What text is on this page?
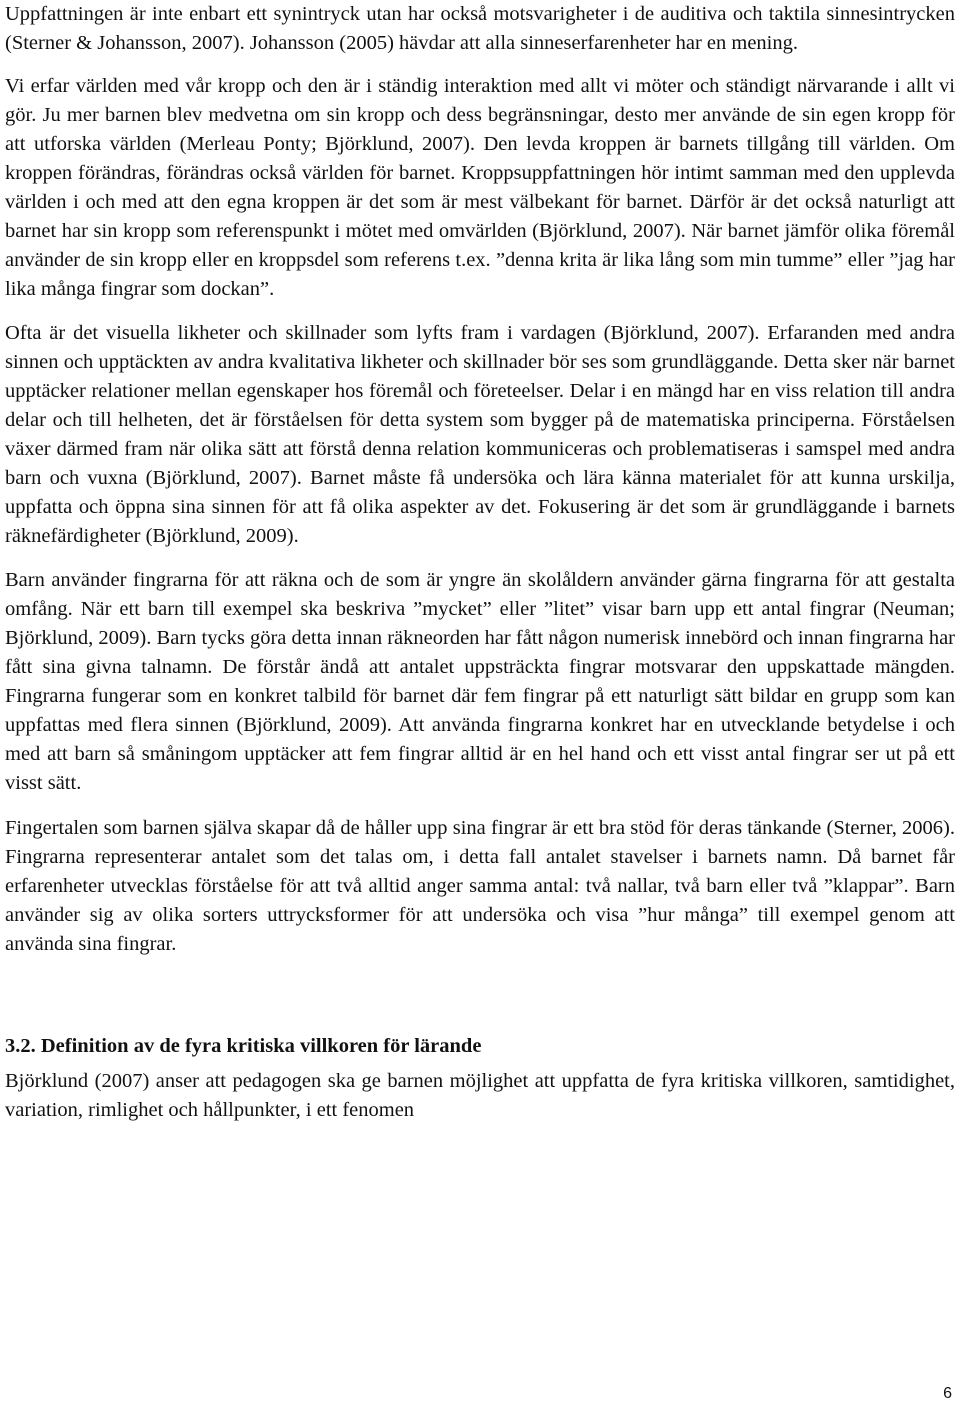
Uppfattningen är inte enbart ett synintryck utan har också motsvarigheter i de auditiva och taktila sinnesintrycken (Sterner & Johansson, 2007). Johansson (2005) hävdar att alla sinneserfarenheter har en mening.

Vi erfar världen med vår kropp och den är i ständig interaktion med allt vi möter och ständigt närvarande i allt vi gör. Ju mer barnen blev medvetna om sin kropp och dess begränsningar, desto mer använde de sin egen kropp för att utforska världen (Merleau Ponty; Björklund, 2007). Den levda kroppen är barnets tillgång till världen. Om kroppen förändras, förändras också världen för barnet. Kroppsuppfattningen hör intimt samman med den upplevda världen i och med att den egna kroppen är det som är mest välbekant för barnet. Därför är det också naturligt att barnet har sin kropp som referenspunkt i mötet med omvärlden (Björklund, 2007). När barnet jämför olika föremål använder de sin kropp eller en kroppsdel som referens t.ex. ”denna krita är lika lång som min tumme” eller ”jag har lika många fingrar som dockan”.

Ofta är det visuella likheter och skillnader som lyfts fram i vardagen (Björklund, 2007). Erfaranden med andra sinnen och upptäckten av andra kvalitativa likheter och skillnader bör ses som grundläggande. Detta sker när barnet upptäcker relationer mellan egenskaper hos föremål och företeelser. Delar i en mängd har en viss relation till andra delar och till helheten, det är förståelsen för detta system som bygger på de matematiska principerna. Förståelsen växer därmed fram när olika sätt att förstå denna relation kommuniceras och problematiseras i samspel med andra barn och vuxna (Björklund, 2007). Barnet måste få undersöka och lära känna materialet för att kunna urskilja, uppfatta och öppna sina sinnen för att få olika aspekter av det. Fokusering är det som är grundläggande i barnets räknefärdigheter (Björklund, 2009).

Barn använder fingrarna för att räkna och de som är yngre än skolåldern använder gärna fingrarna för att gestalta omfång. När ett barn till exempel ska beskriva ”mycket” eller ”litet” visar barn upp ett antal fingrar (Neuman; Björklund, 2009). Barn tycks göra detta innan räkneorden har fått någon numerisk innebörd och innan fingrarna har fått sina givna talnamn. De förstår ändå att antalet uppsträckta fingrar motsvarar den uppskattade mängden. Fingrarna fungerar som en konkret talbild för barnet där fem fingrar på ett naturligt sätt bildar en grupp som kan uppfattas med flera sinnen (Björklund, 2009). Att använda fingrarna konkret har en utvecklande betydelse i och med att barn så småningom upptäcker att fem fingrar alltid är en hel hand och ett visst antal fingrar ser ut på ett visst sätt.

Fingertalen som barnen själva skapar då de håller upp sina fingrar är ett bra stöd för deras tänkande (Sterner, 2006). Fingrarna representerar antalet som det talas om, i detta fall antalet stavelser i barnets namn. Då barnet får erfarenheter utvecklas förståelse för att två alltid anger samma antal: två nallar, två barn eller två ”klappar”. Barn använder sig av olika sorters uttrycksformer för att undersöka och visa ”hur många” till exempel genom att använda sina fingrar.

3.2. Definition av de fyra kritiska villkoren för lärande

Björklund (2007) anser att pedagogen ska ge barnen möjlighet att uppfatta de fyra kritiska villkoren, samtidighet, variation, rimlighet och hållpunkter, i ett fenomen

6
